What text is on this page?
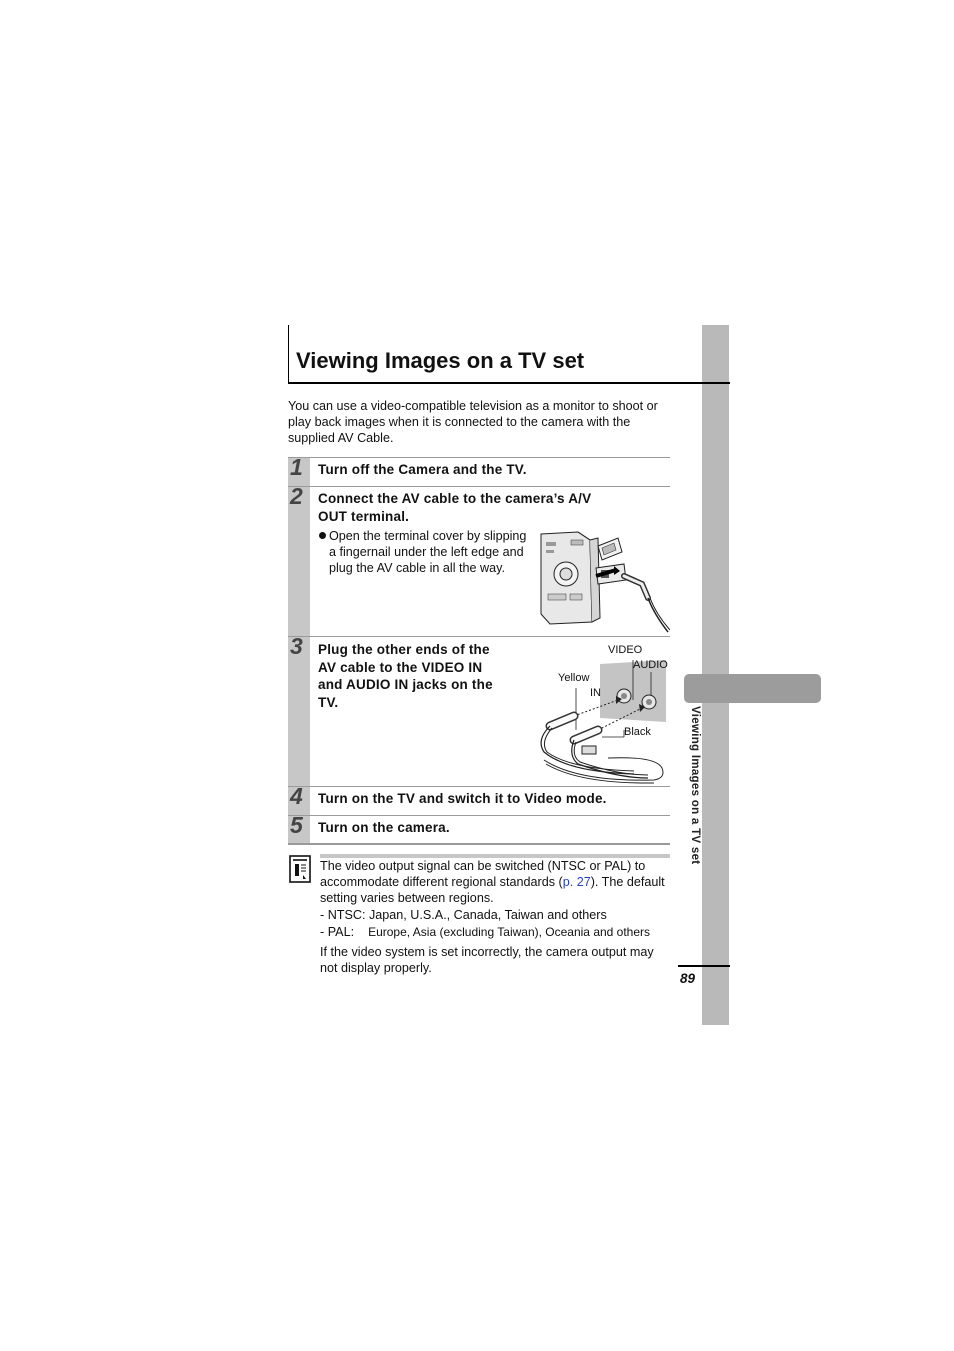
Viewing Images on a TV set
Viewing Images on a TV set
You can use a video-compatible television as a monitor to shoot or
play back images when it is connected to the camera with the
supplied AV Cable.
1 Turn off the Camera and the TV.
2 Connect the AV cable to the camera’s A/V
OUT terminal.
Open the terminal cover by slipping
a fingernail under the left edge and
plug the AV cable in all the way.
3 Plug the other ends of the
AV cable to the VIDEO IN
and AUDIO IN jacks on the
TV.
VIDEO
AUDIO
Yellow
IN
Black
4 Turn on the TV and switch it to Video mode.
5 Turn on the camera.
The video output signal can be switched (NTSC or PAL) to
accommodate different regional standards (p. 27). The default
setting varies between regions.
- NTSC: Japan, U.S.A., Canada, Taiwan and others
- PAL: Europe, Asia (excluding Taiwan), Oceania and others
If the video system is set incorrectly, the camera output may
not display properly.
89
